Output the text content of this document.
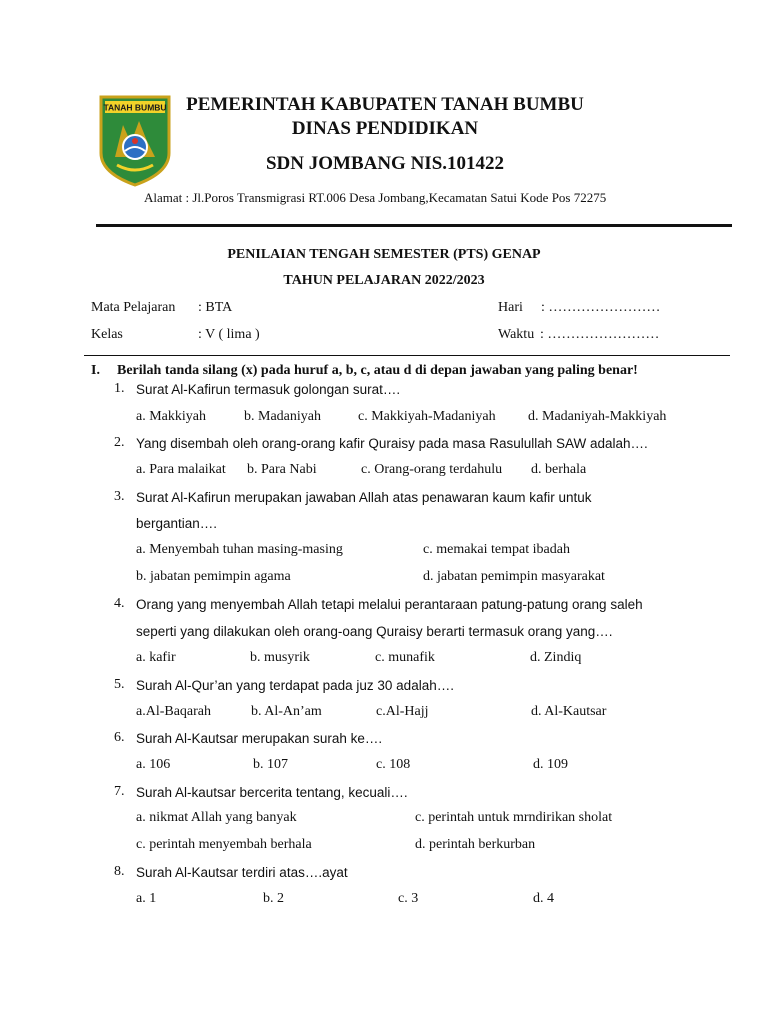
TANAH BUMBU	PEMERINTAH KABUPATEN TANAH BUMBU
DINAS PENDIDIKAN
SDN JOMBANG NIS.101422
Alamat : Jl.Poros Transmigrasi RT.006 Desa Jombang,Kecamatan Satui Kode Pos 72275
PENILAIAN TENGAH SEMESTER (PTS) GENAP
TAHUN PELAJARAN 2022/2023
Mata Pelajaran : BTA	Hari : ……………………
Kelas	: V ( lima )	Waktu : ……………………
I. Berilah tanda silang (x) pada huruf a, b, c, atau d di depan jawaban yang paling benar!
1. Surat Al-Kafirun termasuk golongan surat….
a. Makkiyah	b. Madaniyah	c. Makkiyah-Madaniyah d. Madaniyah-Makkiyah
2. Yang disembah oleh orang-orang kafir Quraisy pada masa Rasulullah SAW adalah….
a. Para malaikat b. Para Nabi	c. Orang-orang terdahulu d. berhala
3. Surat Al-Kafirun merupakan jawaban Allah atas penawaran kaum kafir untuk
bergantian….
a. Menyembah tuhan masing-masing	c. memakai tempat ibadah
b. jabatan pemimpin agama	d. jabatan pemimpin masyarakat
4. Orang yang menyembah Allah tetapi melalui perantaraan patung-patung orang saleh
seperti yang dilakukan oleh orang-oang Quraisy berarti termasuk orang yang….
a. kafir	b. musyrik	c. munafik	d. Zindiq
5. Surah Al-Qur’an yang terdapat pada juz 30 adalah….
a.Al-Baqarah	b. Al-An’am	c.Al-Hajj	d. Al-Kautsar
6. Surah Al-Kautsar merupakan surah ke….
a. 106	b. 107	c. 108	d. 109
7. Surah Al-kautsar bercerita tentang, kecuali….
a. nikmat Allah yang banyak	c. perintah untuk mrndirikan sholat
c. perintah menyembah berhala	d. perintah berkurban
8. Surah Al-Kautsar terdiri atas….ayat
a. 1	b. 2	c. 3	d. 4
